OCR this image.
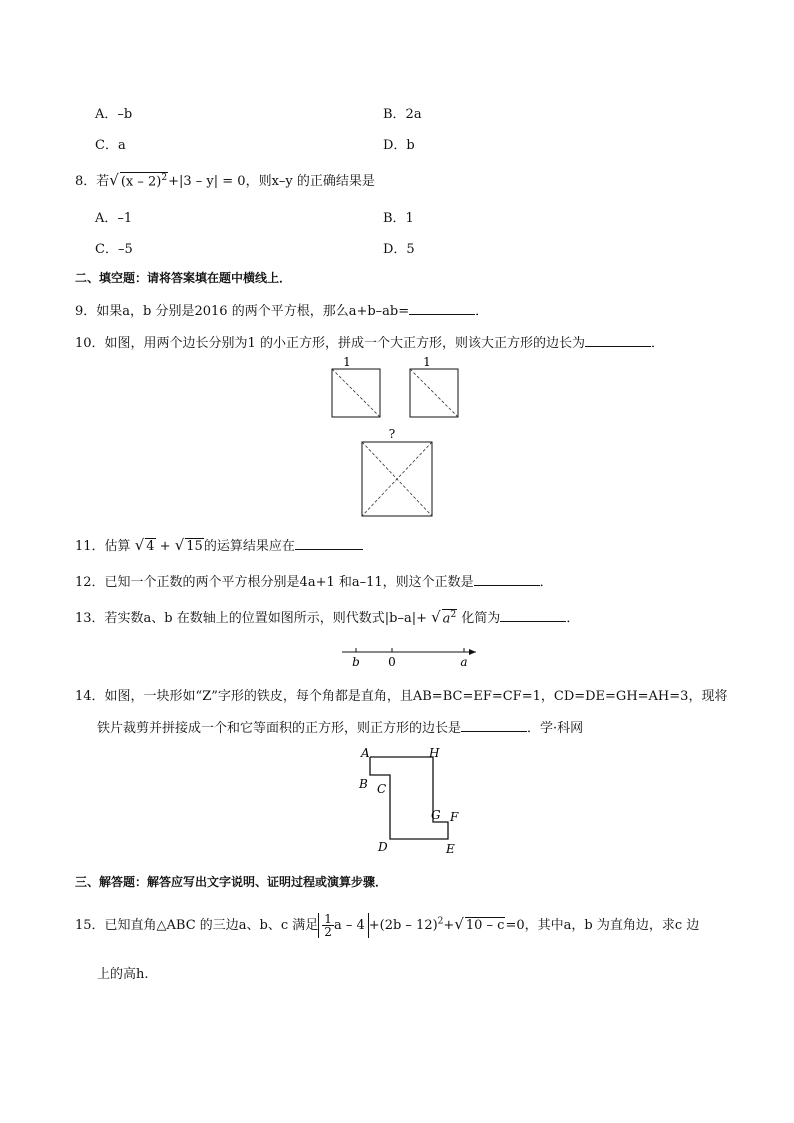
A．–b	B．2a
C．a	D．b
8．若√ (x – 2)$^2$+|3 – y| = 0，则x–y 的正确结果是
A．–1	B．1
C．–5	D．5
二、填空题：请将答案填在题中横线上．
9．如果a，b 分别是2016 的两个平方根，那么a+b–ab=	．
10．如图，用两个边长分别为1 的小正方形，拼成一个大正方形，则该大正方形的边长为	．
1	1
?
11．估算 √ 4 + √ 15的运算结果应在
12．已知一个正数的两个平方根分别是4a+1 和a–11，则这个正数是	．
13．若实数a、b 在数轴上的位置如图所示，则代数式|b–a|+ √ $a^2$ 化简为	．
b 0	a
14．如图，一块形如“Z”字形的铁皮，每个角都是直角，且AB=BC=EF=CF=1，CD=DE=GH=AH=3，现将
铁片裁剪并拼接成一个和它等面积的正方形，则正方形的边长是	．学·科网
A	H
B C
G F
D	E
三、解答题：解答应写出文字说明、证明过程或演算步骤．
15．已知直角△ABC 的三边a、b、c 满足 $\frac{1}{2}$ a – 4 +(2b – 12)$^2$+√ 10 – c=0，其中a，b 为直角边，求c 边
上的高h.
